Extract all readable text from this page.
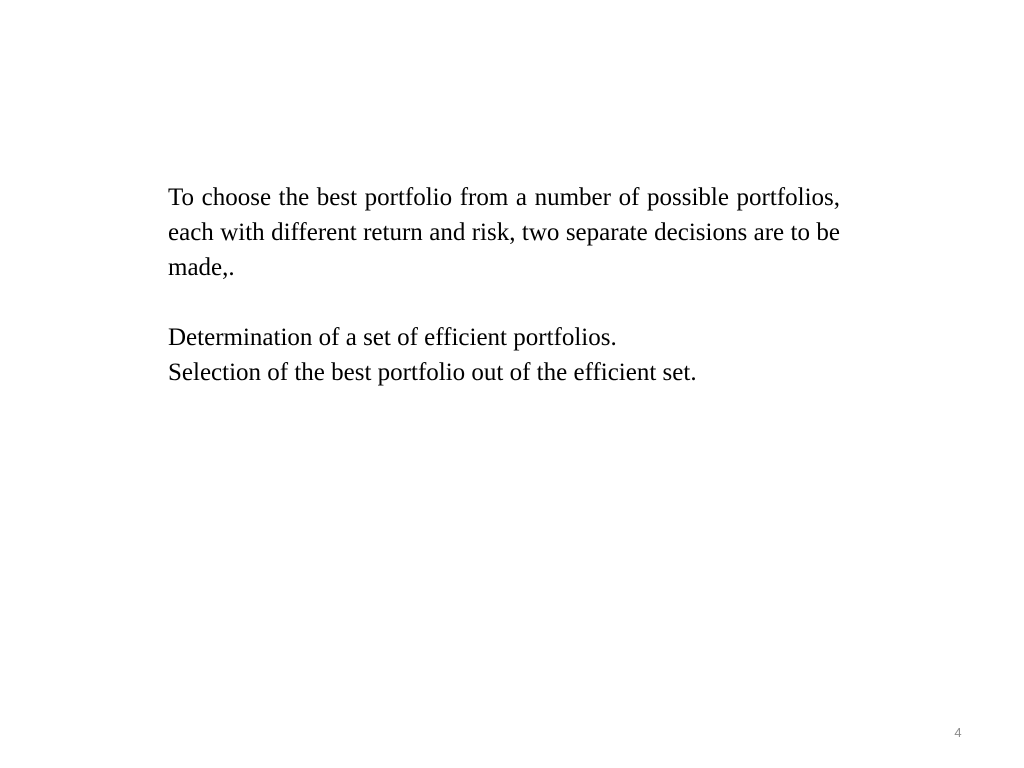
To choose the best portfolio from a number of possible portfolios, each with different return and risk, two separate decisions are to be made,.

Determination of a set of efficient portfolios.

Selection of the best portfolio out of the efficient set.

4
